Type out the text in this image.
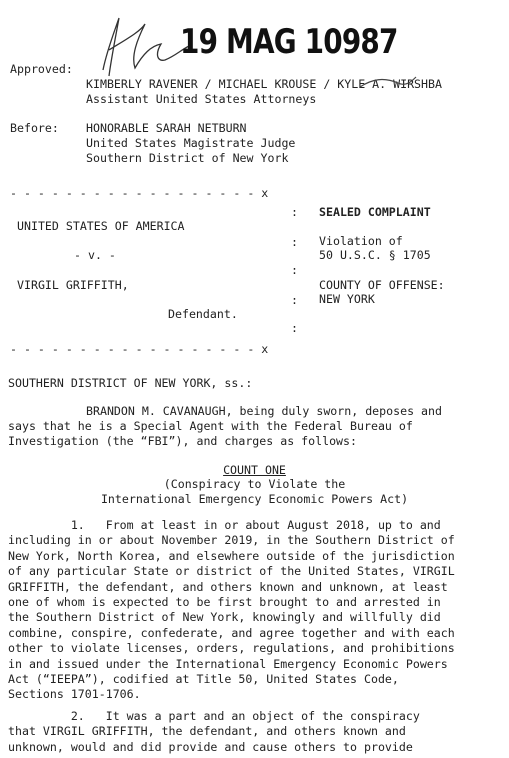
Approved:
19 MAG 10987
KIMBERLY RAVENER / MICHAEL KROUSE / KYLE A. WIRSHBA
Assistant United States Attorneys
Before: HONORABLE SARAH NETBURN
United States Magistrate Judge
Southern District of New York
- - - - - - - - - - - - - - - - - - x
: SEALED COMPLAINT
UNITED STATES OF AMERICA
: Violation of
- v. -	50 U.S.C. § 1705
:
VIRGIL GRIFFITH,	COUNTY OF OFFENSE:
: NEW YORK
Defendant.
:
- - - - - - - - - - - - - - - - - - x
SOUTHERN DISTRICT OF NEW YORK, ss.:
BRANDON M. CAVANAUGH, being duly sworn, deposes and
says that he is a Special Agent with the Federal Bureau of
Investigation (the “FBI”), and charges as follows:
COUNT ONE
(Conspiracy to Violate the
International Emergency Economic Powers Act)
1.   From at least in or about August 2018, up to and
including in or about November 2019, in the Southern District of
New York, North Korea, and elsewhere outside of the jurisdiction
of any particular State or district of the United States, VIRGIL
GRIFFITH, the defendant, and others known and unknown, at least
one of whom is expected to be first brought to and arrested in
the Southern District of New York, knowingly and willfully did
combine, conspire, confederate, and agree together and with each
other to violate licenses, orders, regulations, and prohibitions
in and issued under the International Emergency Economic Powers
Act (“IEEPA”), codified at Title 50, United States Code,
Sections 1701-1706.
2.   It was a part and an object of the conspiracy
that VIRGIL GRIFFITH, the defendant, and others known and
unknown, would and did provide and cause others to provide
